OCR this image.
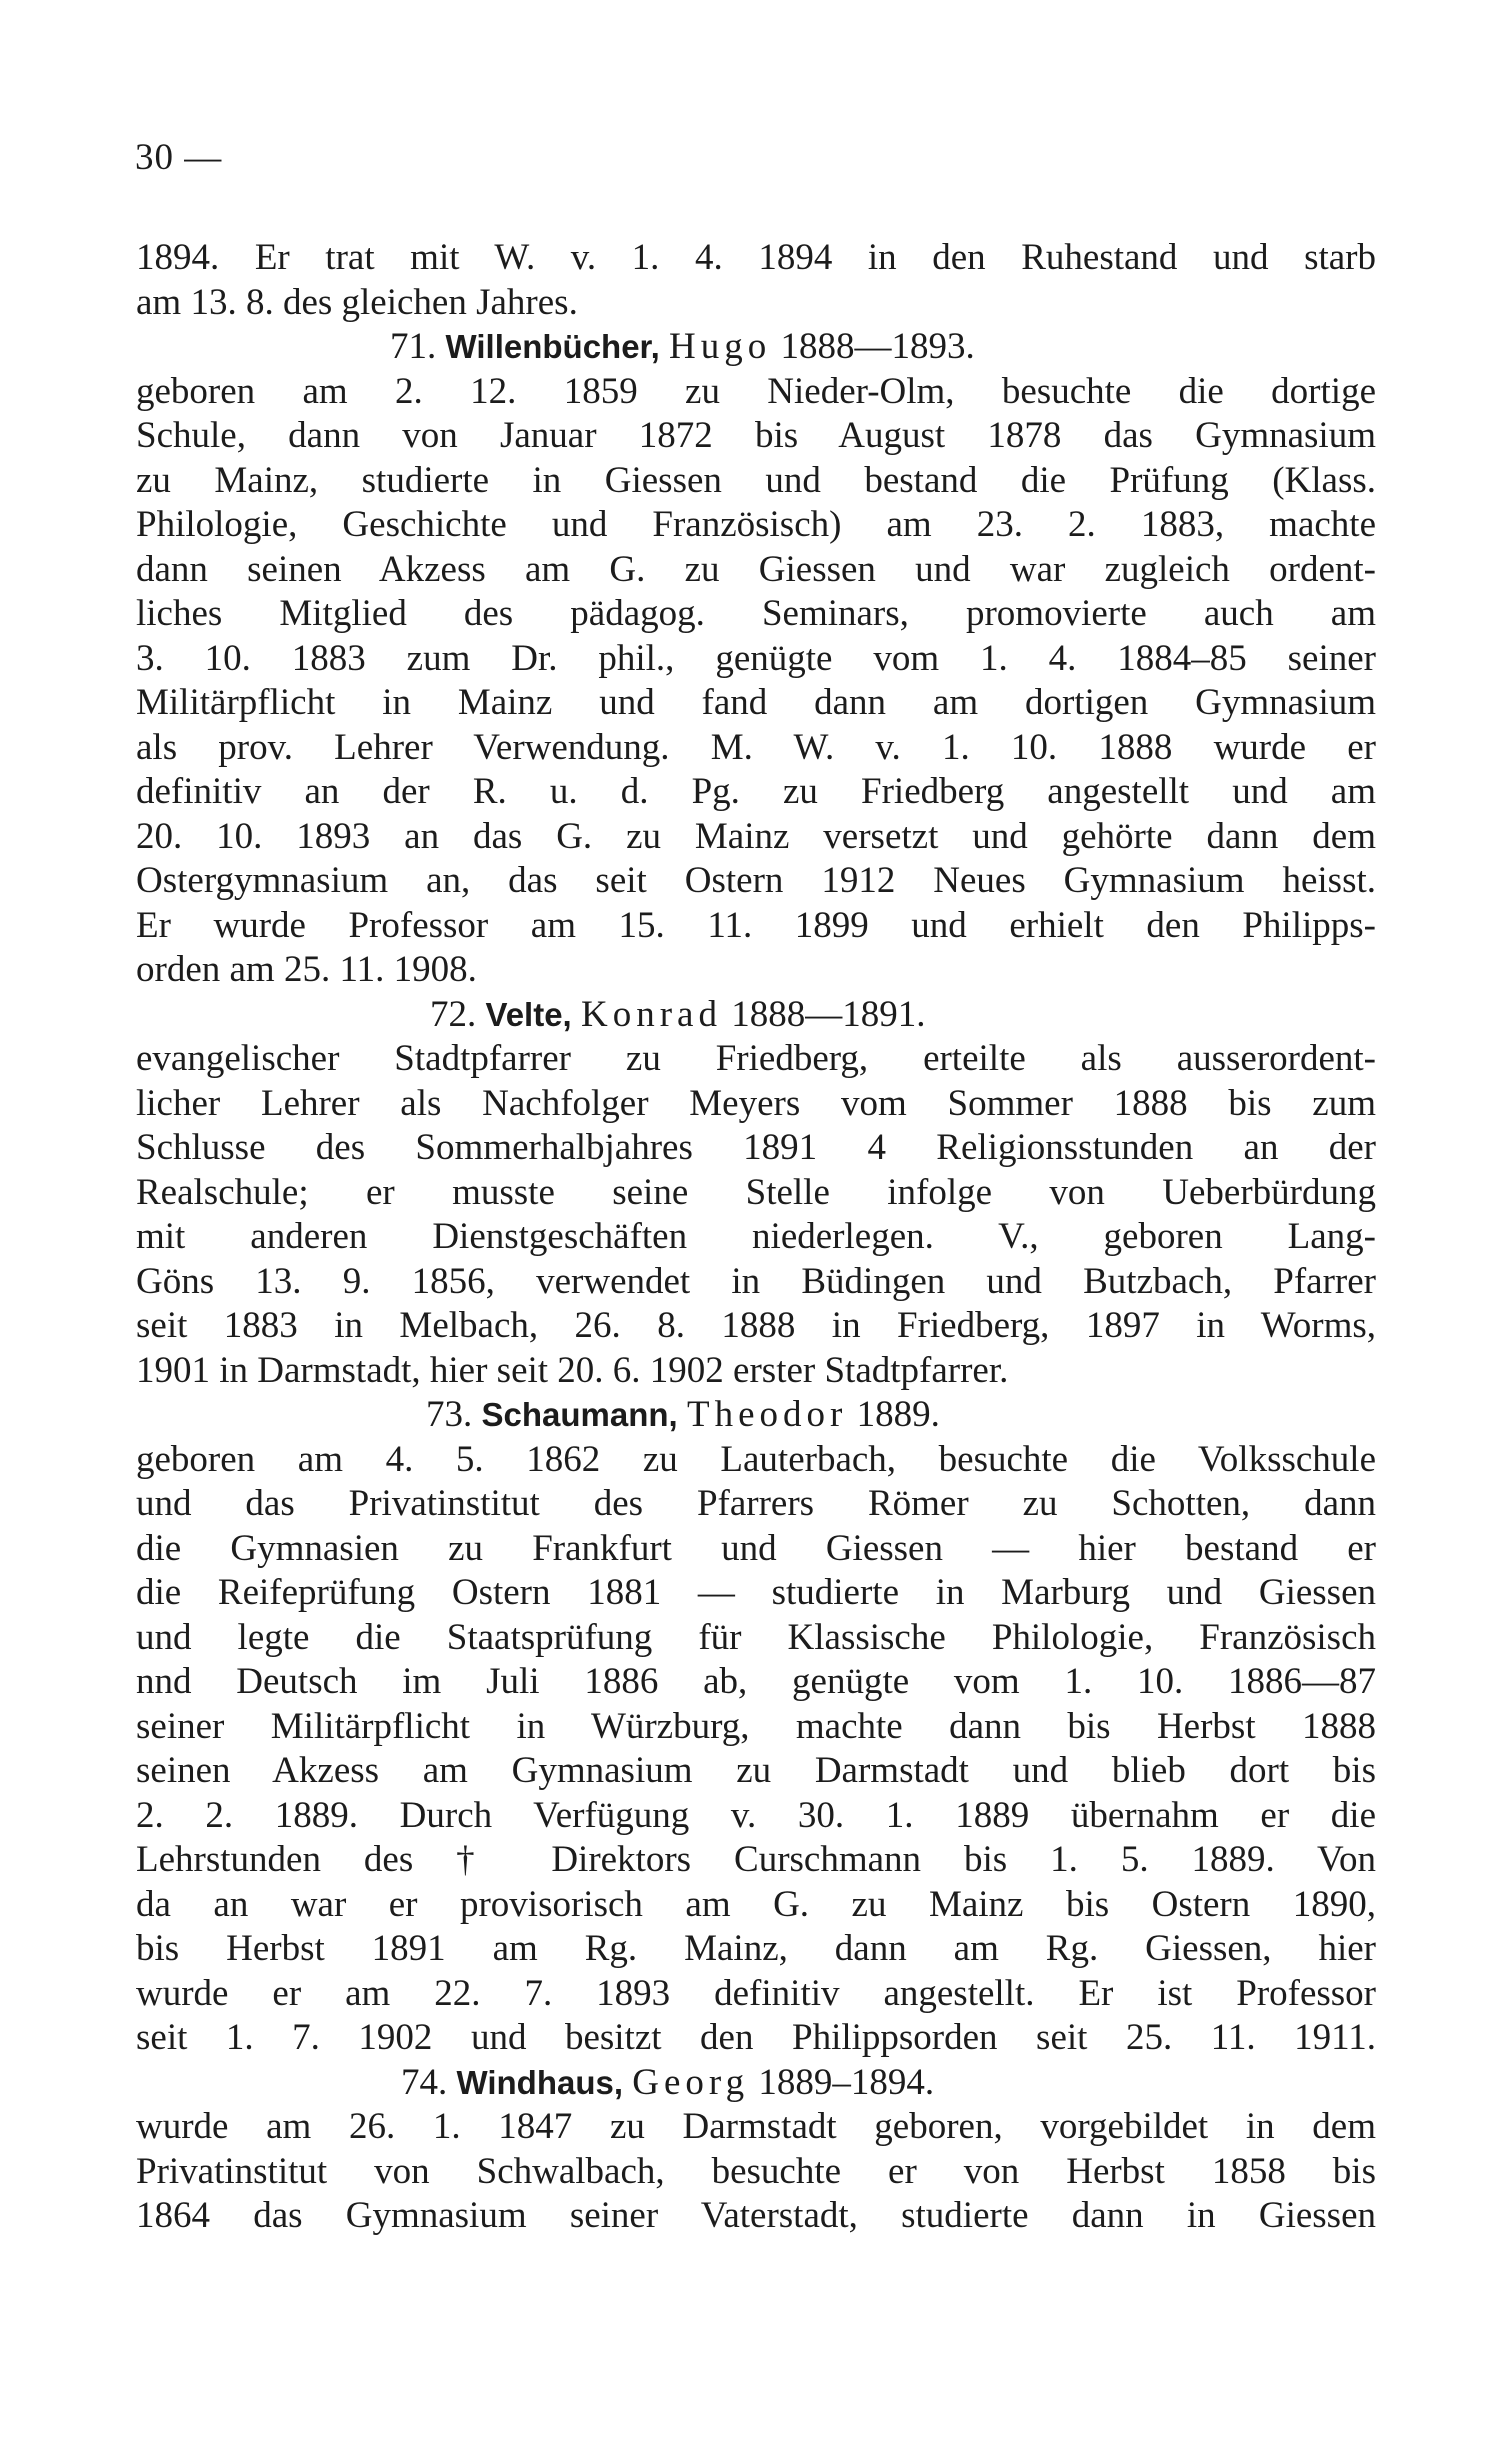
30 —
1894. Er trat mit W. v. 1. 4. 1894 in den Ruhestand und starb
am 13. 8. des gleichen Jahres.
71. Willenbücher, Hugo 1888—1893.
geboren am 2. 12. 1859 zu Nieder-Olm, besuchte die dortige
Schule, dann von Januar 1872 bis August 1878 das Gymnasium
zu Mainz, studierte in Giessen und bestand die Prüfung (Klass.
Philologie, Geschichte und Französisch) am 23. 2. 1883, machte
dann seinen Akzess am G. zu Giessen und war zugleich ordent-
liches Mitglied des pädagog. Seminars, promovierte auch am
3. 10. 1883 zum Dr. phil., genügte vom 1. 4. 1884–85 seiner
Militärpflicht in Mainz und fand dann am dortigen Gymnasium
als prov. Lehrer Verwendung. M. W. v. 1. 10. 1888 wurde er
definitiv an der R. u. d. Pg. zu Friedberg angestellt und am
20. 10. 1893 an das G. zu Mainz versetzt und gehörte dann dem
Ostergymnasium an, das seit Ostern 1912 Neues Gymnasium heisst.
Er wurde Professor am 15. 11. 1899 und erhielt den Philipps-
orden am 25. 11. 1908.
72. Velte, Konrad 1888—1891.
evangelischer Stadtpfarrer zu Friedberg, erteilte als ausserordent-
licher Lehrer als Nachfolger Meyers vom Sommer 1888 bis zum
Schlusse des Sommerhalbjahres 1891 4 Religionsstunden an der
Realschule; er musste seine Stelle infolge von Ueberbürdung
mit anderen Dienstgeschäften niederlegen. V., geboren Lang-
Göns 13. 9. 1856, verwendet in Büdingen und Butzbach, Pfarrer
seit 1883 in Melbach, 26. 8. 1888 in Friedberg, 1897 in Worms,
1901 in Darmstadt, hier seit 20. 6. 1902 erster Stadtpfarrer.
73. Schaumann, Theodor 1889.
geboren am 4. 5. 1862 zu Lauterbach, besuchte die Volksschule
und das Privatinstitut des Pfarrers Römer zu Schotten, dann
die Gymnasien zu Frankfurt und Giessen — hier bestand er
die Reifeprüfung Ostern 1881 — studierte in Marburg und Giessen
und legte die Staatsprüfung für Klassische Philologie, Französisch
nnd Deutsch im Juli 1886 ab, genügte vom 1. 10. 1886—87
seiner Militärpflicht in Würzburg, machte dann bis Herbst 1888
seinen Akzess am Gymnasium zu Darmstadt und blieb dort bis
2. 2. 1889. Durch Verfügung v. 30. 1. 1889 übernahm er die
Lehrstunden des † Direktors Curschmann bis 1. 5. 1889. Von
da an war er provisorisch am G. zu Mainz bis Ostern 1890,
bis Herbst 1891 am Rg. Mainz, dann am Rg. Giessen, hier
wurde er am 22. 7. 1893 definitiv angestellt. Er ist Professor
seit 1. 7. 1902 und besitzt den Philippsorden seit 25. 11. 1911.
74. Windhaus, Georg 1889–1894.
wurde am 26. 1. 1847 zu Darmstadt geboren, vorgebildet in dem
Privatinstitut von Schwalbach, besuchte er von Herbst 1858 bis
1864 das Gymnasium seiner Vaterstadt, studierte dann in Giessen
